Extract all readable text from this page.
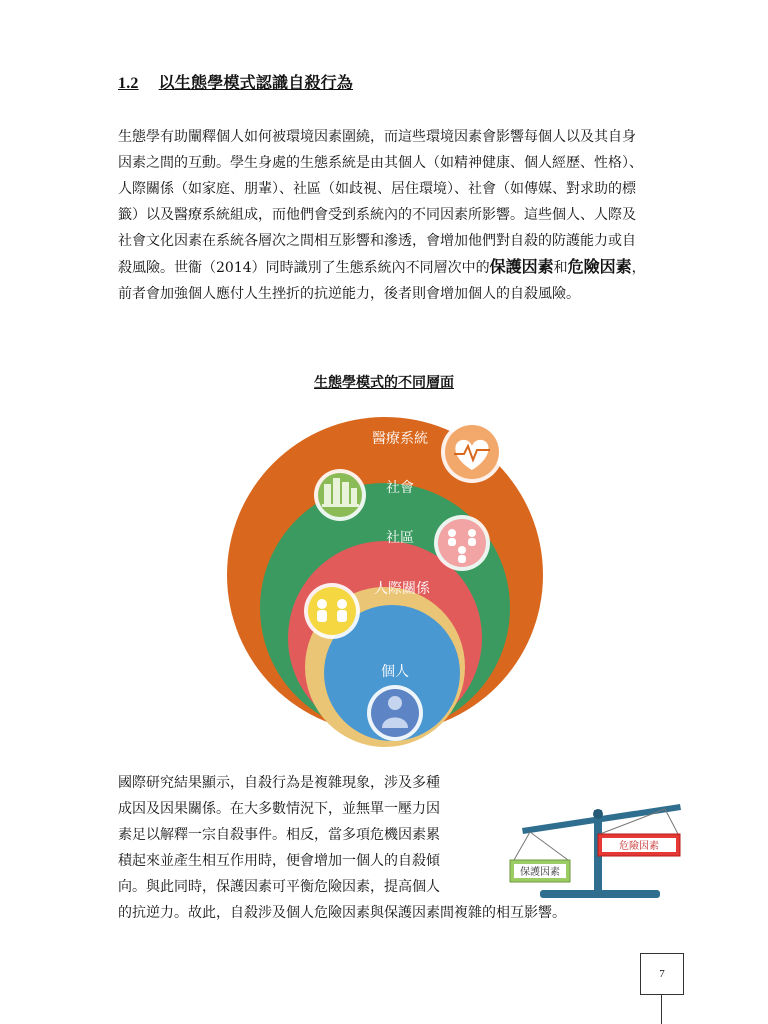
1.2 以生態學模式認識自殺行為
生態學有助闡釋個人如何被環境因素圍繞，而這些環境因素會影響每個人以及其自身
因素之間的互動。學生身處的生態系統是由其個人（如精神健康、個人經歷、性格）、
人際關係（如家庭、朋輩）、社區（如歧視、居住環境）、社會（如傳媒、對求助的標
籤）以及醫療系統組成，而他們會受到系統內的不同因素所影響。這些個人、人際及
社會文化因素在系統各層次之間相互影響和滲透，會增加他們對自殺的防護能力或自
殺風險。世衞（2014）同時識別了生態系統內不同層次中的保護因素和危險因素，
前者會加強個人應付人生挫折的抗逆能力，後者則會增加個人的自殺風險。
生態學模式的不同層面
醫療系統
社會
社區
人際關係
個人
國際研究結果顯示，自殺行為是複雜現象，涉及多種
成因及因果關係。在大多數情況下，並無單一壓力因
素足以解釋一宗自殺事件。相反，當多項危機因素累
積起來並產生相互作用時，便會增加一個人的自殺傾
向。與此同時，保護因素可平衡危險因素，提高個人
的抗逆力。故此，自殺涉及個人危險因素與保護因素間複雜的相互影響。
保護因素
危險因素
7
